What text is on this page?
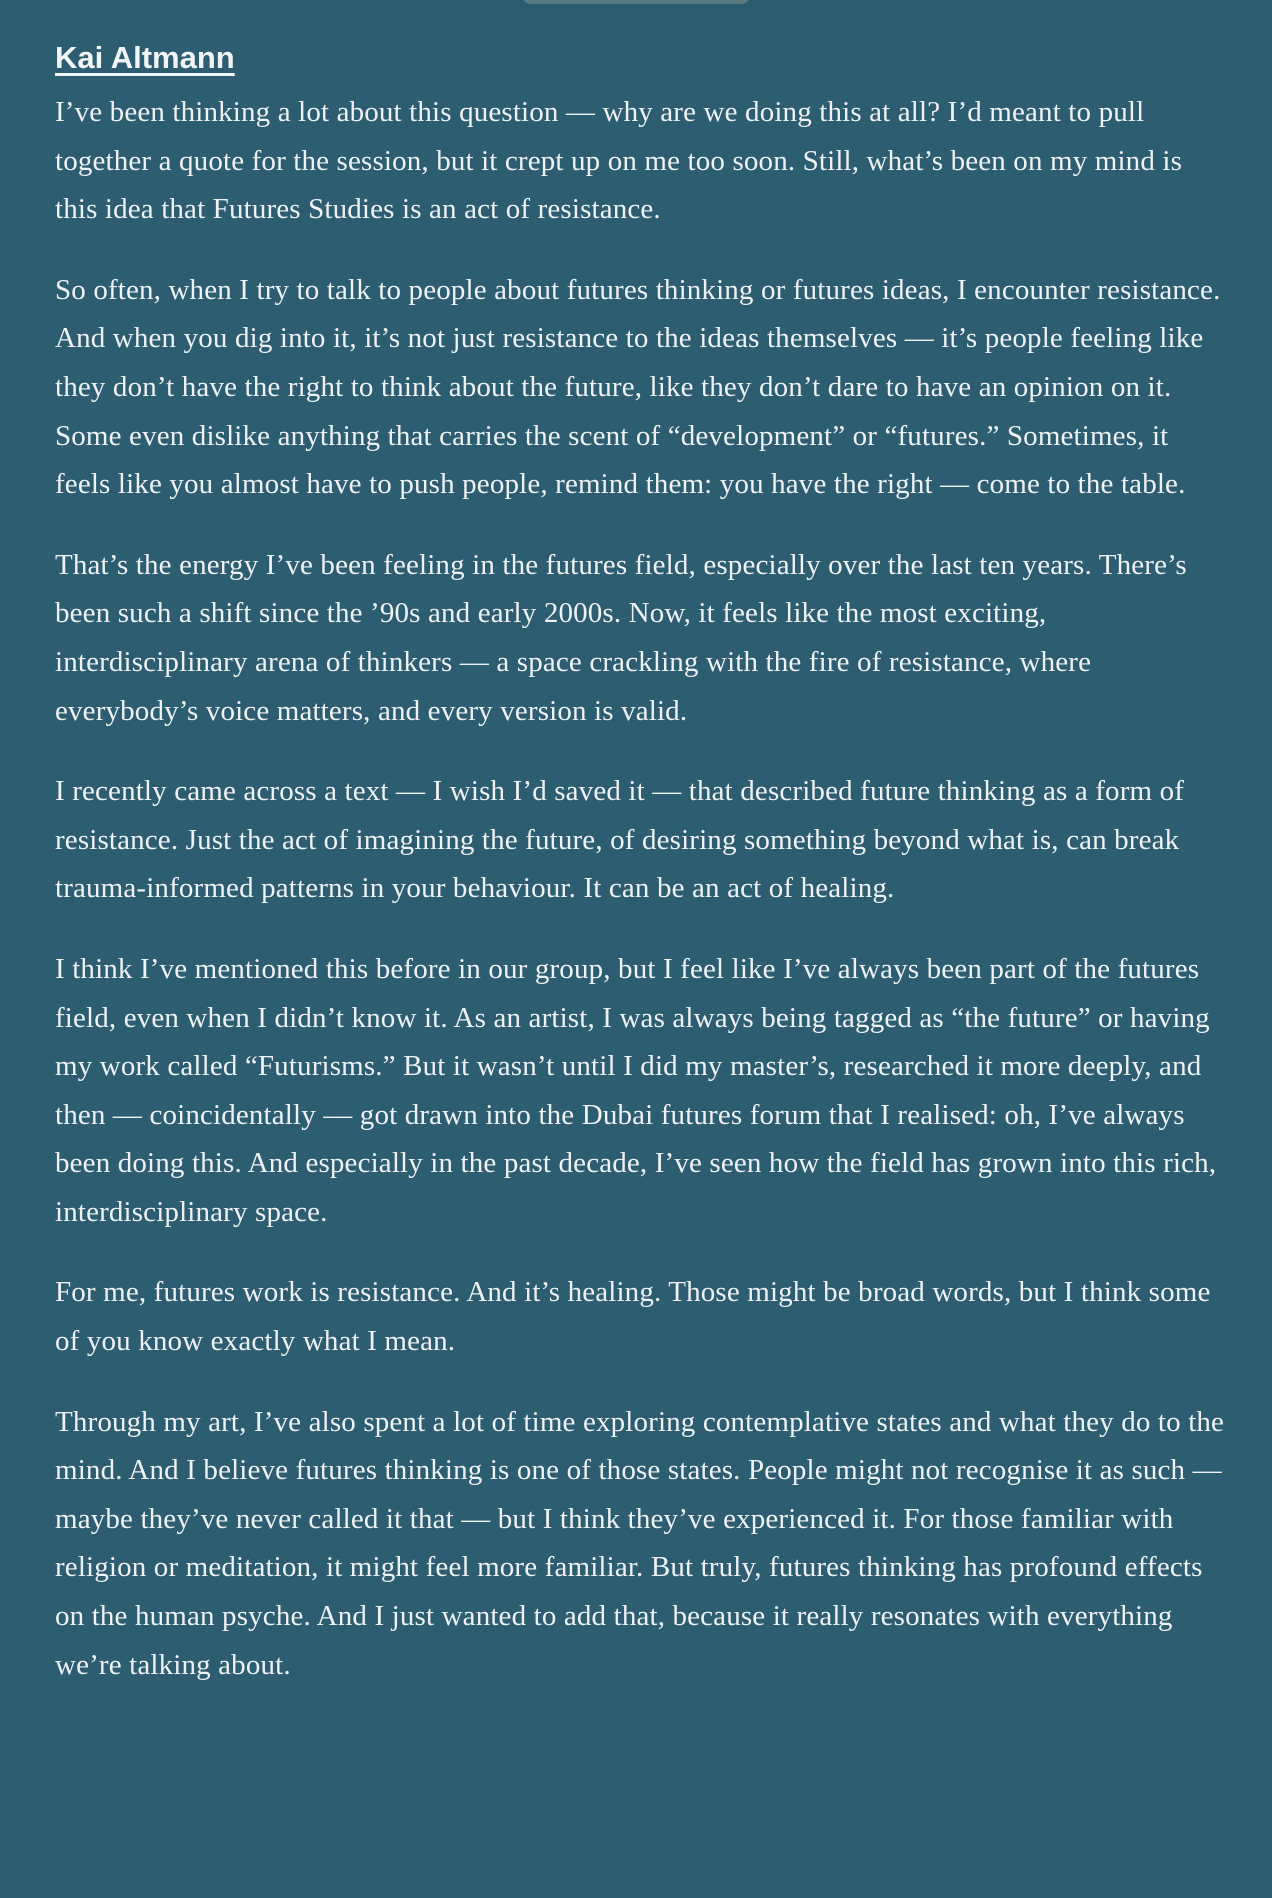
Kai Altmann

I’ve been thinking a lot about this question — why are we doing this at all? I’d meant to pull together a quote for the session, but it crept up on me too soon. Still, what’s been on my mind is this idea that Futures Studies is an act of resistance.

So often, when I try to talk to people about futures thinking or futures ideas, I encounter resistance. And when you dig into it, it’s not just resistance to the ideas themselves — it’s people feeling like they don’t have the right to think about the future, like they don’t dare to have an opinion on it. Some even dislike anything that carries the scent of “development” or “futures.” Sometimes, it feels like you almost have to push people, remind them: you have the right — come to the table.

That’s the energy I’ve been feeling in the futures field, especially over the last ten years. There’s been such a shift since the ’90s and early 2000s. Now, it feels like the most exciting, interdisciplinary arena of thinkers — a space crackling with the fire of resistance, where everybody’s voice matters, and every version is valid.

I recently came across a text — I wish I’d saved it — that described future thinking as a form of resistance. Just the act of imagining the future, of desiring something beyond what is, can break trauma-informed patterns in your behaviour. It can be an act of healing.

I think I’ve mentioned this before in our group, but I feel like I’ve always been part of the futures field, even when I didn’t know it. As an artist, I was always being tagged as “the future” or having my work called “Futurisms.” But it wasn’t until I did my master’s, researched it more deeply, and then — coincidentally — got drawn into the Dubai futures forum that I realised: oh, I’ve always been doing this. And especially in the past decade, I’ve seen how the field has grown into this rich, interdisciplinary space.

For me, futures work is resistance. And it’s healing. Those might be broad words, but I think some of you know exactly what I mean.

Through my art, I’ve also spent a lot of time exploring contemplative states and what they do to the mind. And I believe futures thinking is one of those states. People might not recognise it as such — maybe they’ve never called it that — but I think they’ve experienced it. For those familiar with religion or meditation, it might feel more familiar. But truly, futures thinking has profound effects on the human psyche. And I just wanted to add that, because it really resonates with everything we’re talking about.
